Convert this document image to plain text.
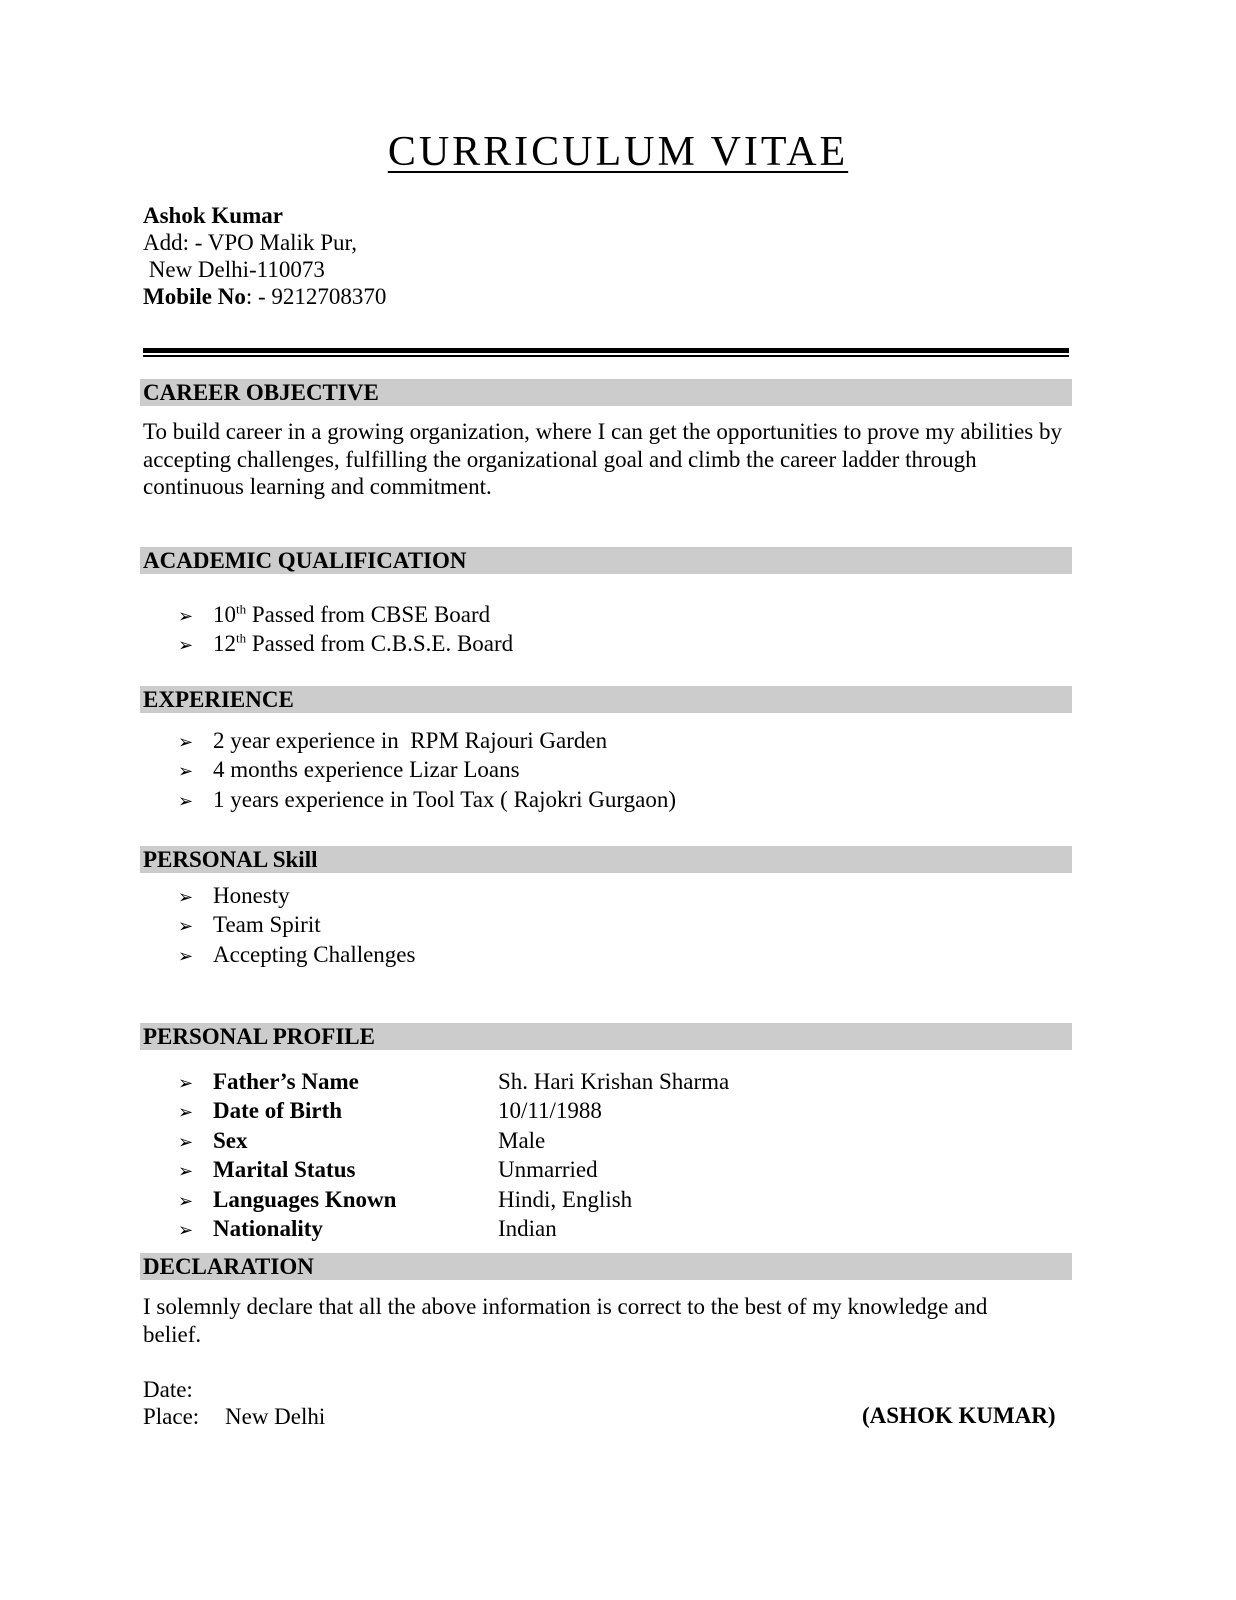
CURRICULUM VITAE
Ashok Kumar
Add: - VPO Malik Pur,
New Delhi-110073
Mobile No: - 9212708370
CAREER OBJECTIVE
To build career in a growing organization, where I can get the opportunities to prove my abilities by accepting challenges, fulfilling the organizational goal and climb the career ladder through continuous learning and commitment.
ACADEMIC QUALIFICATION
➢ 10th Passed from CBSE Board
➢ 12th Passed from C.B.S.E. Board
EXPERIENCE
➢ 2 year experience in  RPM Rajouri Garden
➢ 4 months experience Lizar Loans
➢ 1 years experience in Tool Tax ( Rajokri Gurgaon)
PERSONAL Skill
➢ Honesty
➢ Team Spirit
➢ Accepting Challenges
PERSONAL PROFILE
➢ Father’s Name	Sh. Hari Krishan Sharma
➢ Date of Birth	10/11/1988
➢ Sex	Male
➢ Marital Status	Unmarried
➢ Languages Known	Hindi, English
➢ Nationality	Indian
DECLARATION
I solemnly declare that all the above information is correct to the best of my knowledge and belief.
Date:
Place: New Delhi	(ASHOK KUMAR)
